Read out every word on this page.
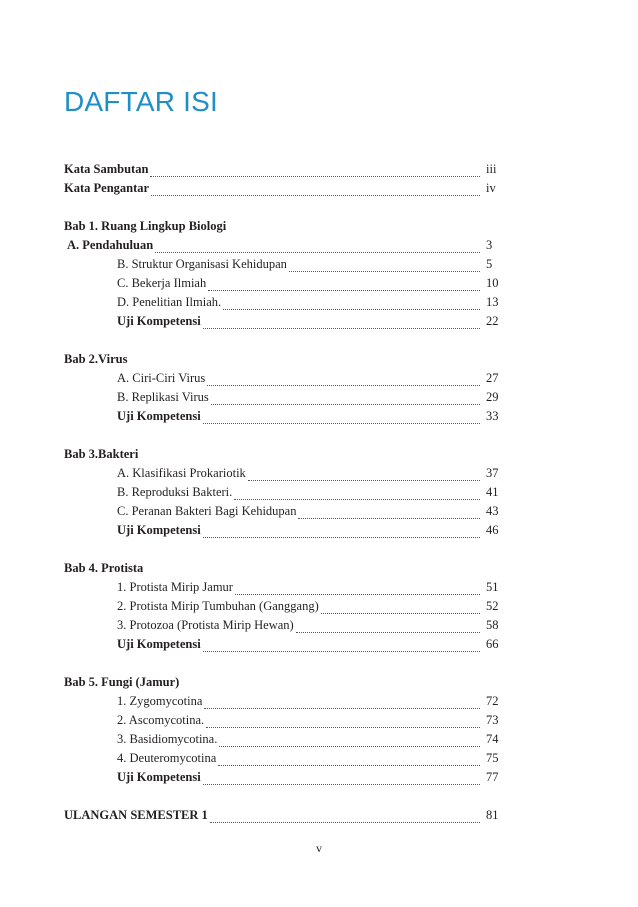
DAFTAR ISI
Kata Sambutan	iii
Kata Pengantar	iv
Bab 1. Ruang Lingkup Biologi
A. Pendahuluan	3
B. Struktur Organisasi Kehidupan	5
C. Bekerja Ilmiah	10
D. Penelitian Ilmiah.	13
Uji Kompetensi	22
Bab 2.Virus
A. Ciri-Ciri Virus	27
B. Replikasi Virus	29
Uji Kompetensi	33
Bab 3.Bakteri
A. Klasifikasi Prokariotik	37
B. Reproduksi Bakteri.	41
C. Peranan Bakteri Bagi Kehidupan	43
Uji Kompetensi	46
Bab 4. Protista
1. Protista Mirip Jamur	51
2. Protista Mirip Tumbuhan (Ganggang)	52
3. Protozoa (Protista Mirip Hewan)	58
Uji Kompetensi	66
Bab 5. Fungi (Jamur)
1. Zygomycotina	72
2. Ascomycotina.	73
3. Basidiomycotina.	74
4. Deuteromycotina	75
Uji Kompetensi	77
ULANGAN SEMESTER 1	81
v
